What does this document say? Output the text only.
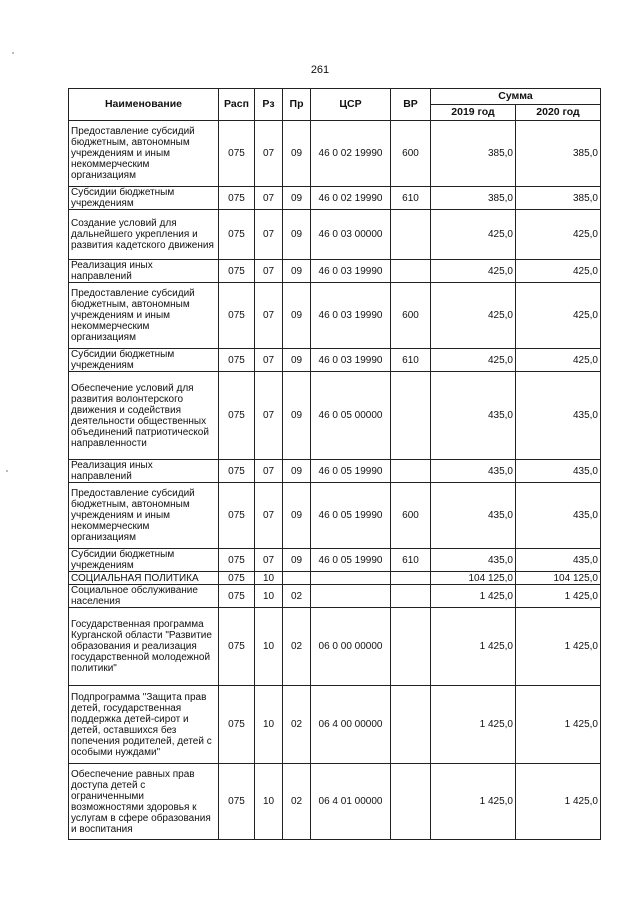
261
Наименование	Расп	Рз	Пр	ЦСР	ВР	Сумма	
						2019 год	2020 год
Предоставление субсидий бюджетным, автономным учреждениям и иным некоммерческим организациям	075	07	09	46 0 02 19990	600	385,0	385,0
Субсидии бюджетным учреждениям	075	07	09	46 0 02 19990	610	385,0	385,0
Создание условий для дальнейшего укрепления и развития кадетского движения	075	07	09	46 0 03 00000		425,0	425,0
Реализация иных направлений	075	07	09	46 0 03 19990		425,0	425,0
Предоставление субсидий бюджетным, автономным учреждениям и иным некоммерческим организациям	075	07	09	46 0 03 19990	600	425,0	425,0
Субсидии бюджетным учреждениям	075	07	09	46 0 03 19990	610	425,0	425,0
Обеспечение условий для развития волонтерского движения и содействия деятельности общественных объединений патриотической направленности	075	07	09	46 0 05 00000		435,0	435,0
Реализация иных направлений	075	07	09	46 0 05 19990		435,0	435,0
Предоставление субсидий бюджетным, автономным учреждениям и иным некоммерческим организациям	075	07	09	46 0 05 19990	600	435,0	435,0
Субсидии бюджетным учреждениям	075	07	09	46 0 05 19990	610	435,0	435,0
СОЦИАЛЬНАЯ ПОЛИТИКА	075	10				104 125,0	104 125,0
Социальное обслуживание населения	075	10	02			1 425,0	1 425,0
Государственная программа Курганской области "Развитие образования и реализация государственной молодежной политики"	075	10	02	06 0 00 00000		1 425,0	1 425,0
Подпрограмма "Защита прав детей, государственная поддержка детей-сирот и детей, оставшихся без попечения родителей, детей с особыми нуждами"	075	10	02	06 4 00 00000		1 425,0	1 425,0
Обеспечение равных прав доступа детей с ограниченными возможностями здоровья к услугам в сфере образования и воспитания	075	10	02	06 4 01 00000		1 425,0	1 425,0
